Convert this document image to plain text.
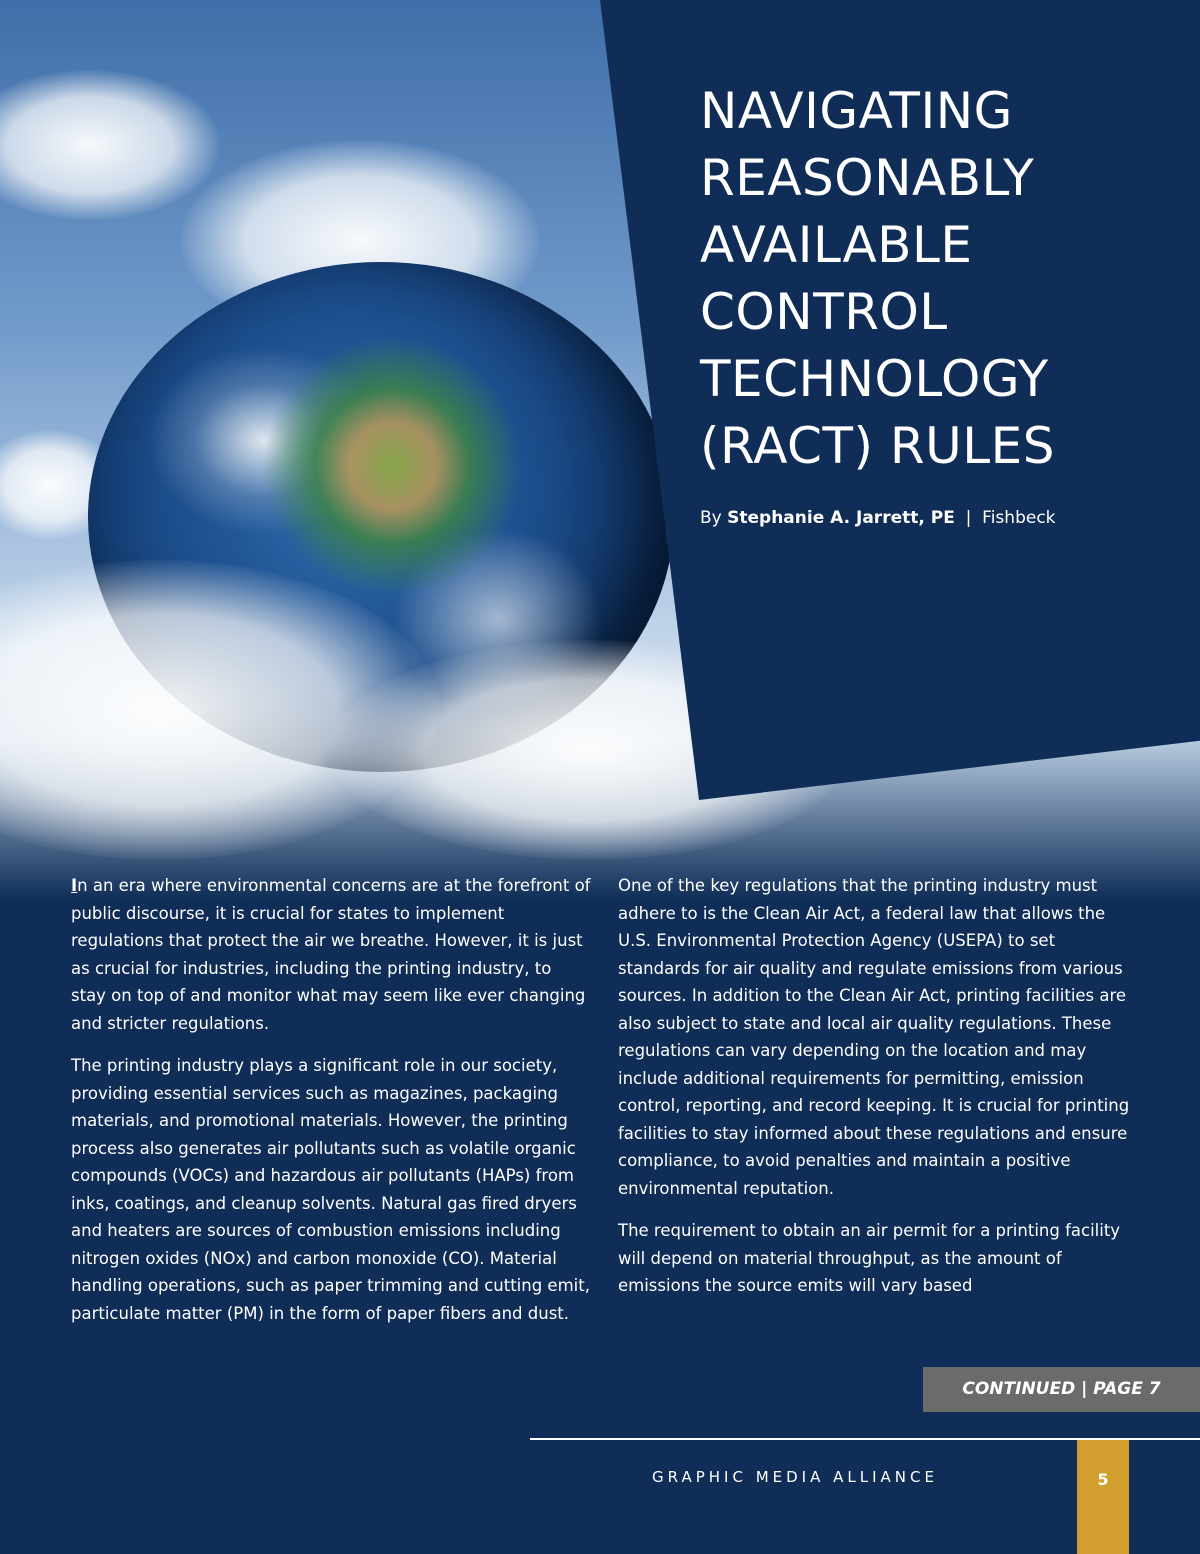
NAVIGATING REASONABLY AVAILABLE CONTROL TECHNOLOGY (RACT) RULES
By Stephanie A. Jarrett, PE | Fishbeck

In an era where environmental concerns are at the forefront of public discourse, it is crucial for states to implement regulations that protect the air we breathe. However, it is just as crucial for industries, including the printing industry, to stay on top of and monitor what may seem like ever changing and stricter regulations.

The printing industry plays a significant role in our society, providing essential services such as magazines, packaging materials, and promotional materials. However, the printing process also generates air pollutants such as volatile organic compounds (VOCs) and hazardous air pollutants (HAPs) from inks, coatings, and cleanup solvents. Natural gas fired dryers and heaters are sources of combustion emissions including nitrogen oxides (NOx) and carbon monoxide (CO). Material handling operations, such as paper trimming and cutting emit, particulate matter (PM) in the form of paper fibers and dust.

One of the key regulations that the printing industry must adhere to is the Clean Air Act, a federal law that allows the U.S. Environmental Protection Agency (USEPA) to set standards for air quality and regulate emissions from various sources. In addition to the Clean Air Act, printing facilities are also subject to state and local air quality regulations. These regulations can vary depending on the location and may include additional requirements for permitting, emission control, reporting, and record keeping. It is crucial for printing facilities to stay informed about these regulations and ensure compliance, to avoid penalties and maintain a positive environmental reputation.

The requirement to obtain an air permit for a printing facility will depend on material throughput, as the amount of emissions the source emits will vary based

CONTINUED | PAGE 7
GRAPHIC MEDIA ALLIANCE	5
